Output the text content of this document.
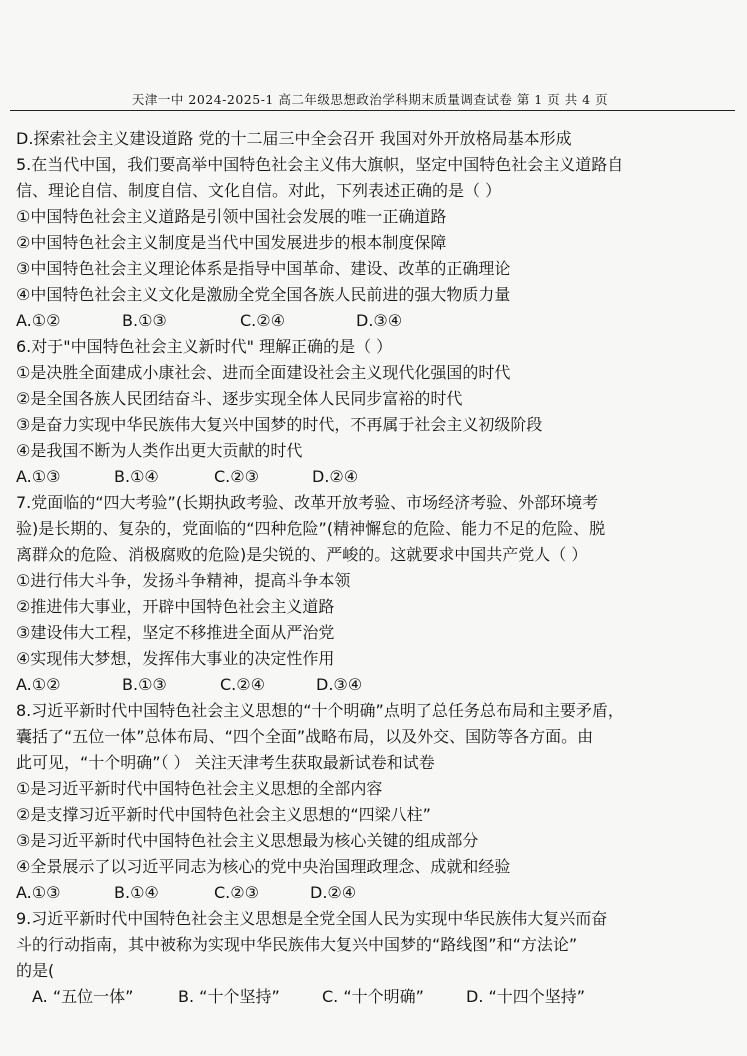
天津一中 2024-2025-1 高二年级思想政治学科期末质量调查试卷 第 1 页 共 4 页
D.探索社会主义建设道路 党的十二届三中全会召开 我国对外开放格局基本形成
5.在当代中国，我们要高举中国特色社会主义伟大旗帜，坚定中国特色社会主义道路自
信、理论自信、制度自信、文化自信。对此，下列表述正确的是（ ）
①中国特色社会主义道路是引领中国社会发展的唯一正确道路
②中国特色社会主义制度是当代中国发展进步的根本制度保障
③中国特色社会主义理论体系是指导中国革命、建设、改革的正确理论
④中国特色社会主义文化是激励全党全国各族人民前进的强大物质力量
A.①②	B.①③	C.②④	D.③④
6.对于"中国特色社会主义新时代" 理解正确的是（ ）
①是决胜全面建成小康社会、进而全面建设社会主义现代化强国的时代
②是全国各族人民团结奋斗、逐步实现全体人民同步富裕的时代
③是奋力实现中华民族伟大复兴中国梦的时代，不再属于社会主义初级阶段
④是我国不断为人类作出更大贡献的时代
A.①③	B.①④	C.②③	D.②④
7.党面临的“四大考验”(长期执政考验、改革开放考验、市场经济考验、外部环境考
验)是长期的、复杂的，党面临的“四种危险”(精神懈怠的危险、能力不足的危险、脱
离群众的危险、消极腐败的危险)是尖锐的、严峻的。这就要求中国共产党人（ ）
①进行伟大斗争，发扬斗争精神，提高斗争本领
②推进伟大事业，开辟中国特色社会主义道路
③建设伟大工程，坚定不移推进全面从严治党
④实现伟大梦想，发挥伟大事业的决定性作用
A.①②	B.①③	C.②④	D.③④
8.习近平新时代中国特色社会主义思想的“十个明确”点明了总任务总布局和主要矛盾，
囊括了“五位一体”总体布局、“四个全面”战略布局，以及外交、国防等各方面。由
此可见，“十个明确”（ ） 关注天津考生获取最新试卷和试卷
①是习近平新时代中国特色社会主义思想的全部内容
②是支撑习近平新时代中国特色社会主义思想的“四梁八柱”
③是习近平新时代中国特色社会主义思想最为核心关键的组成部分
④全景展示了以习近平同志为核心的党中央治国理政理念、成就和经验
A.①③	B.①④	C.②③	D.②④
9.习近平新时代中国特色社会主义思想是全党全国人民为实现中华民族伟大复兴而奋
斗的行动指南，其中被称为实现中华民族伟大复兴中国梦的“路线图”和“方法论”
的是(
A. “五位一体”	B. “十个坚持”	C. “十个明确”	D. “十四个坚持”
